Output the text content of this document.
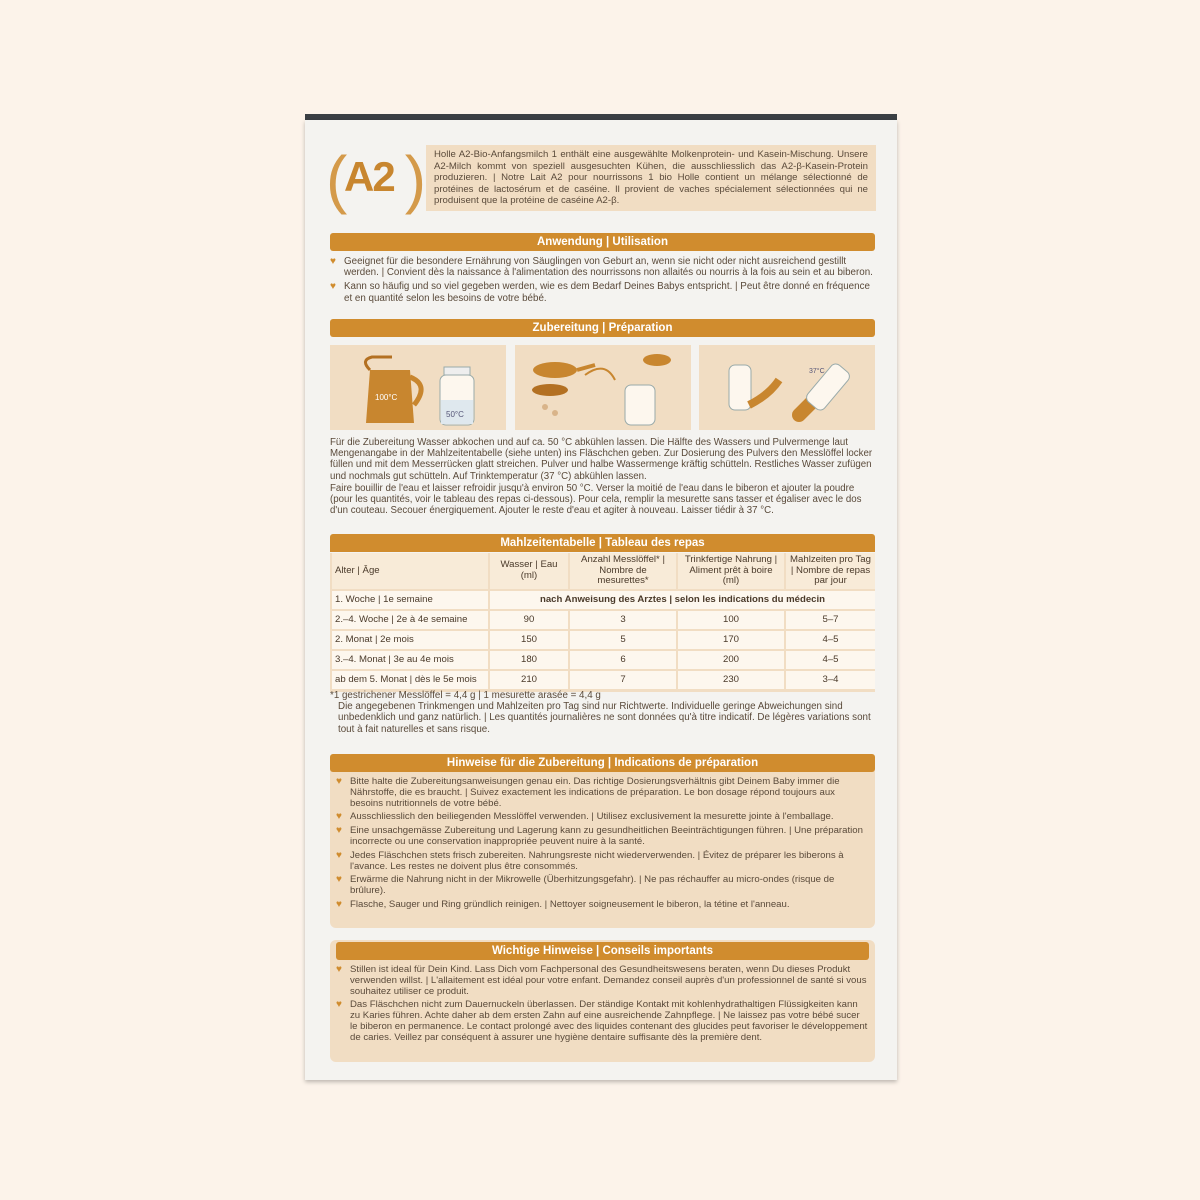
(
A2 ) Holle A2-Bio-Anfangsmilch 1 enthält eine ausgewählte Molkenprotein- und Kasein-Mischung. Unsere A2-Milch kommt von speziell ausgesuchten Kühen, die ausschliesslich das A2-β-Kasein-Protein produzieren. | Notre Lait A2 pour nourrissons 1 bio Holle contient un mélange sélectionné de protéines de lactosérum et de caséine. Il provient de vaches spécialement sélectionnées qui ne produisent que la protéine de caséine A2-β.
Anwendung | Utilisation
♥ Geeignet für die besondere Ernährung von Säuglingen von Geburt an, wenn sie nicht oder nicht ausreichend gestillt werden. | Convient dès la naissance à l'alimentation des nourrissons non allaités ou nourris à la fois au sein et au biberon.
♥ Kann so häufig und so viel gegeben werden, wie es dem Bedarf Deines Babys entspricht. | Peut être donné en fréquence et en quantité selon les besoins de votre bébé.
Zubereitung | Préparation
100°C
50°C
37°C
Für die Zubereitung Wasser abkochen und auf ca. 50 °C abkühlen lassen. Die Hälfte des Wassers und Pulvermenge laut Mengenangabe in der Mahlzeitentabelle (siehe unten) ins Fläschchen geben. Zur Dosierung des Pulvers den Messlöffel locker füllen und mit dem Messerrücken glatt streichen. Pulver und halbe Wassermenge kräftig schütteln. Restliches Wasser zufügen und nochmals gut schütteln. Auf Trinktemperatur (37 °C) abkühlen lassen.
Faire bouillir de l'eau et laisser refroidir jusqu'à environ 50 °C. Verser la moitié de l'eau dans le biberon et ajouter la poudre (pour les quantités, voir le tableau des repas ci-dessous). Pour cela, remplir la mesurette sans tasser et égaliser avec le dos d'un couteau. Secouer énergiquement. Ajouter le reste d'eau et agiter à nouveau. Laisser tiédir à 37 °C.
Mahlzeitentabelle | Tableau des repas
Alter | Âge	Wasser | Eau (ml)	Anzahl Messlöffel* | Nombre de mesurettes*	Trinkfertige Nahrung | Aliment prêt à boire (ml)	Mahlzeiten pro Tag | Nombre de repas par jour
1. Woche | 1e semaine	nach Anweisung des Arztes | selon les indications du médecin			
2.–4. Woche | 2e à 4e semaine	90	3	100	5–7
2. Monat | 2e mois	150	5	170	4–5
3.–4. Monat | 3e au 4e mois	180	6	200	4–5
ab dem 5. Monat | dès le 5e mois	210	7	230	3–4
*1 gestrichener Messlöffel = 4,4 g | 1 mesurette arasée = 4,4 g
Die angegebenen Trinkmengen und Mahlzeiten pro Tag sind nur Richtwerte. Individuelle geringe Abweichungen sind unbedenklich und ganz natürlich. | Les quantités journalières ne sont données qu'à titre indicatif. De légères variations sont tout à fait naturelles et sans risque.
Hinweise für die Zubereitung | Indications de préparation
♥ Bitte halte die Zubereitungsanweisungen genau ein. Das richtige Dosierungsverhältnis gibt Deinem Baby immer die Nährstoffe, die es braucht. | Suivez exactement les indications de préparation. Le bon dosage répond toujours aux besoins nutritionnels de votre bébé.
♥ Ausschliesslich den beiliegenden Messlöffel verwenden. | Utilisez exclusivement la mesurette jointe à l'emballage.
♥ Eine unsachgemässe Zubereitung und Lagerung kann zu gesundheitlichen Beeinträchtigungen führen. | Une préparation incorrecte ou une conservation inappropriée peuvent nuire à la santé.
♥ Jedes Fläschchen stets frisch zubereiten. Nahrungsreste nicht wiederverwenden. | Évitez de préparer les biberons à l'avance. Les restes ne doivent plus être consommés.
♥ Erwärme die Nahrung nicht in der Mikrowelle (Überhitzungsgefahr). | Ne pas réchauffer au micro-ondes (risque de brûlure).
♥ Flasche, Sauger und Ring gründlich reinigen. | Nettoyer soigneusement le biberon, la tétine et l'anneau.
Wichtige Hinweise | Conseils importants
♥ Stillen ist ideal für Dein Kind. Lass Dich vom Fachpersonal des Gesundheitswesens beraten, wenn Du dieses Produkt verwenden willst. | L'allaitement est idéal pour votre enfant. Demandez conseil auprès d'un professionnel de santé si vous souhaitez utiliser ce produit.
♥ Das Fläschchen nicht zum Dauernuckeln überlassen. Der ständige Kontakt mit kohlenhydrathaltigen Flüssigkeiten kann zu Karies führen. Achte daher ab dem ersten Zahn auf eine ausreichende Zahnpflege. | Ne laissez pas votre bébé sucer le biberon en permanence. Le contact prolongé avec des liquides contenant des glucides peut favoriser le développement de caries. Veillez par conséquent à assurer une hygiène dentaire suffisante dès la première dent.
